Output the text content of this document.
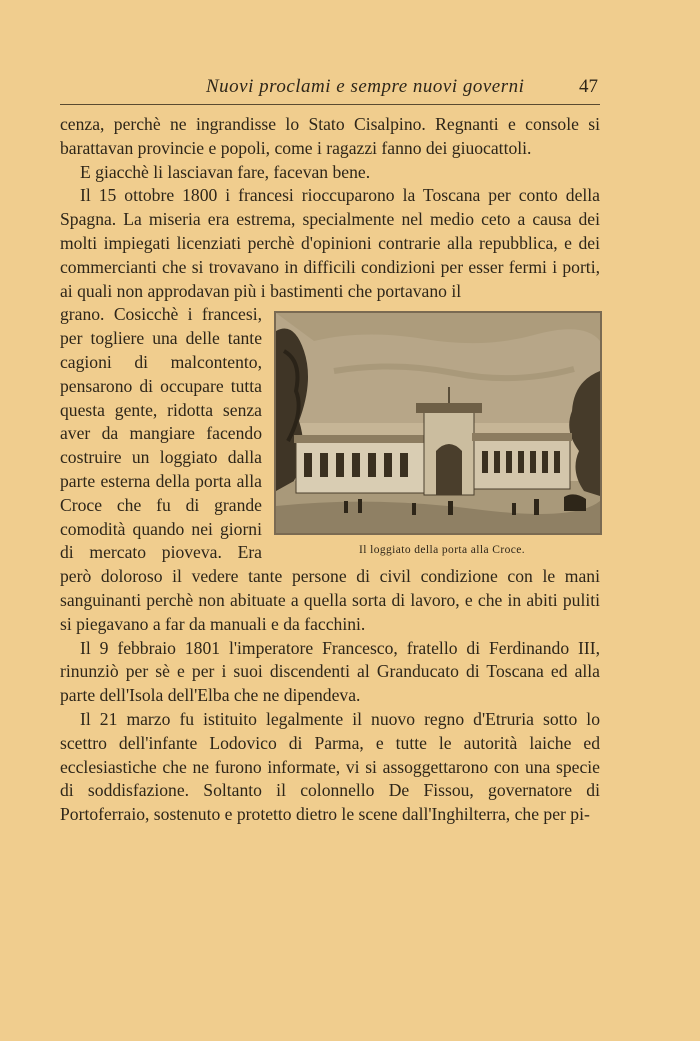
Nuovi proclami e sempre nuovi governi	47

cenza, perchè ne ingrandisse lo Stato Cisalpino. Regnanti e console si barattavan provincie e popoli, come i ragazzi fanno dei giuocattoli.

E giacchè li lasciavan fare, facevan bene.

Il 15 ottobre 1800 i francesi rioccuparono la Toscana per conto della Spagna. La miseria era estrema, specialmente nel medio ceto a causa dei molti impiegati licenziati perchè d'opinioni contrarie alla repubblica, e dei commercianti che si trovavano in difficili condizioni per esser fermi i porti, ai quali non approdavan più i bastimenti che portavano il

Il loggiato della porta alla Croce.

grano. Cosicchè i francesi, per togliere una delle tante cagioni di malcontento, pensarono di occupare tutta questa gente, ridotta senza aver da mangiare facendo costruire un loggiato dalla parte esterna della porta alla Croce che fu di grande comodità quando nei giorni di mercato pioveva. Era però doloroso il vedere tante persone di civil condizione con le mani sanguinanti perchè non abituate a quella sorta di lavoro, e che in abiti puliti si piegavano a far da manuali e da facchini.

Il 9 febbraio 1801 l'imperatore Francesco, fratello di Ferdinando III, rinunziò per sè e per i suoi discendenti al Granducato di Toscana ed alla parte dell'Isola dell'Elba che ne dipendeva.

Il 21 marzo fu istituito legalmente il nuovo regno d'Etruria sotto lo scettro dell'infante Lodovico di Parma, e tutte le autorità laiche ed ecclesiastiche che ne furono informate, vi si assoggettarono con una specie di soddisfazione. Soltanto il colonnello De Fissou, governatore di Portoferraio, sostenuto e protetto dietro le scene dall'Inghilterra, che per pi-
